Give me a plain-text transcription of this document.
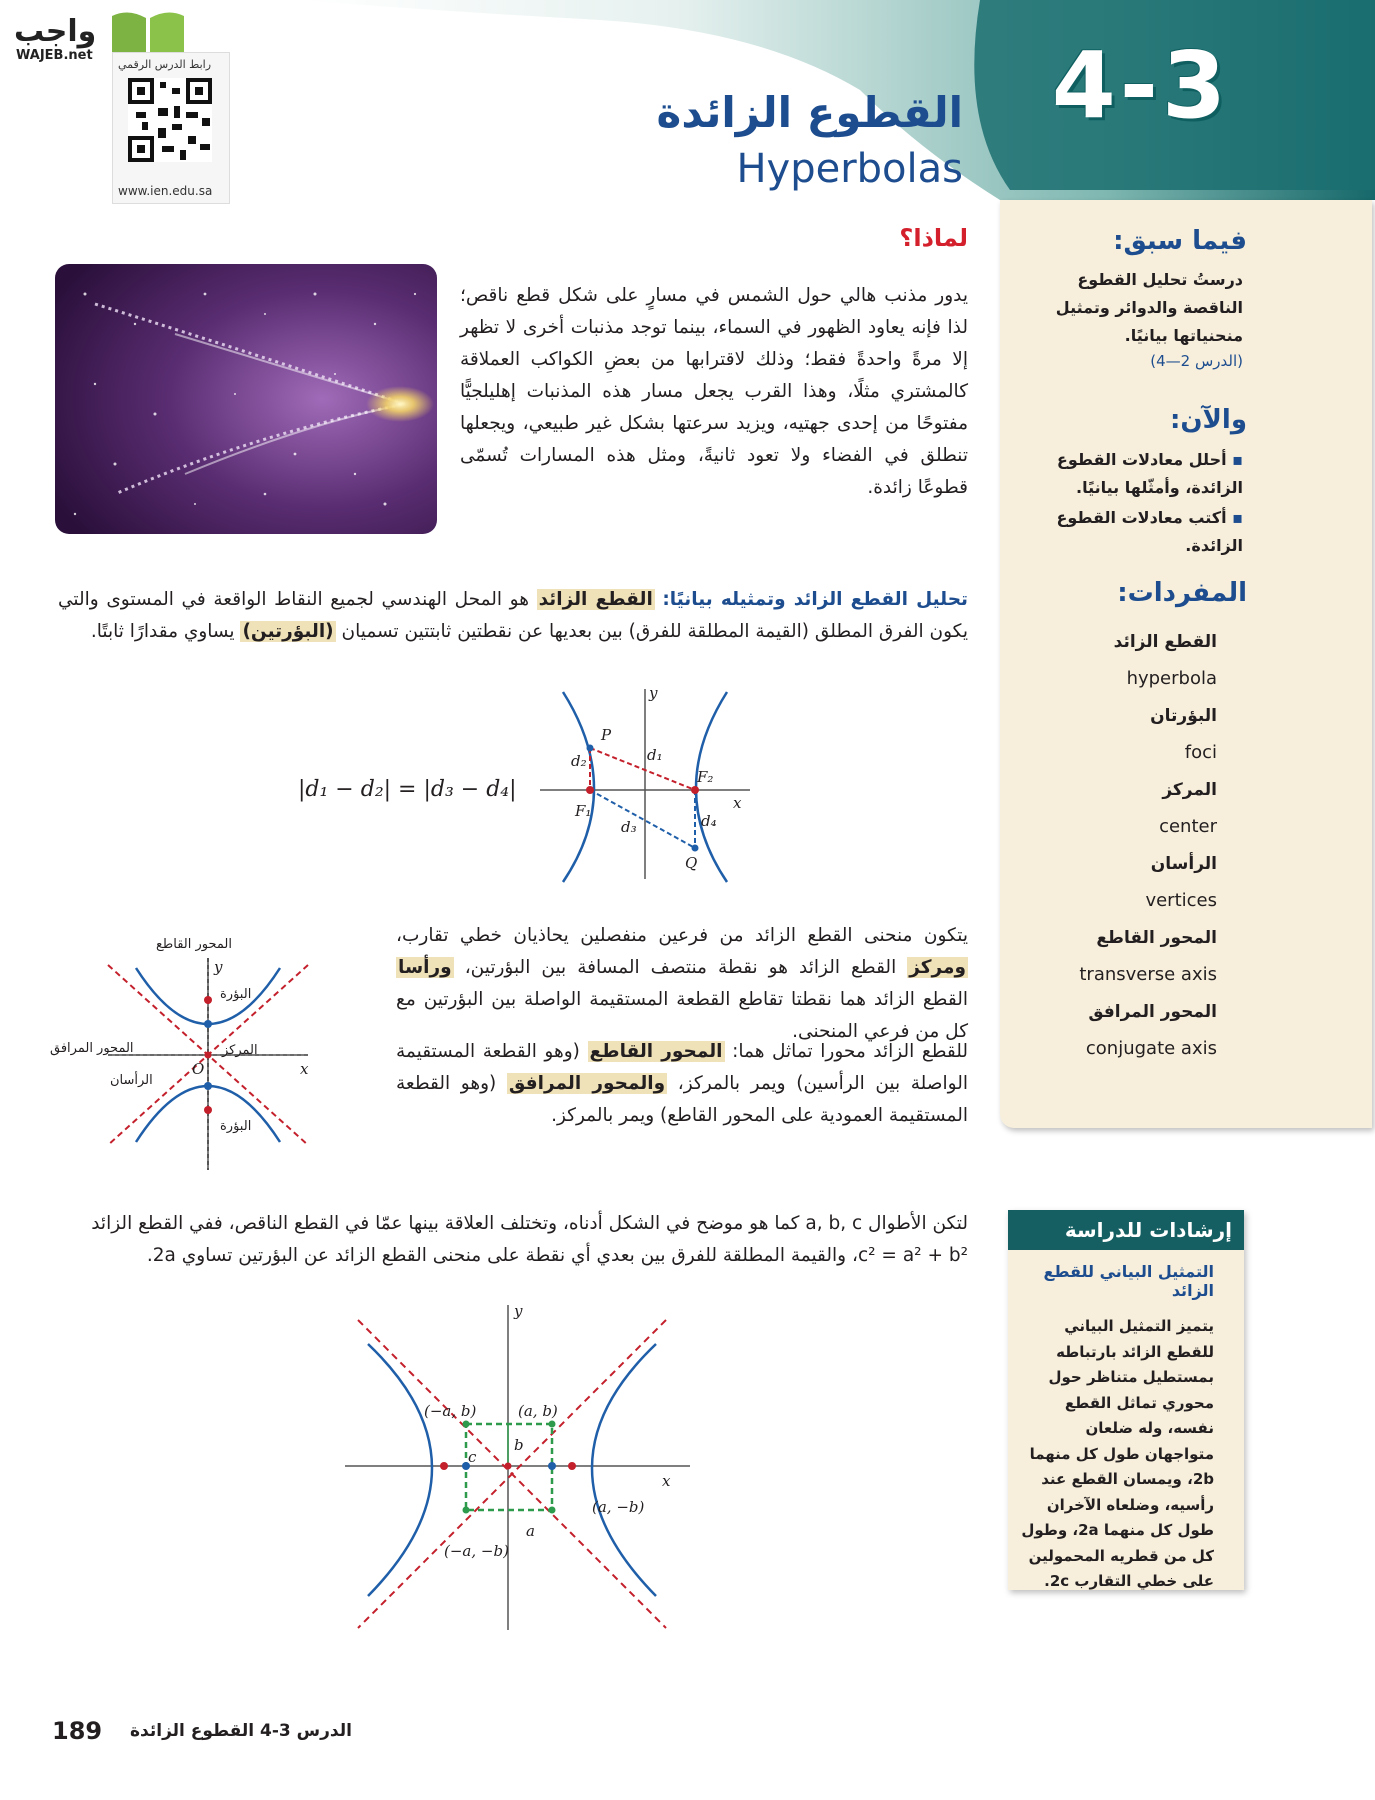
4-3
القطوع الزائدة
Hyperbolas
واجب
WAJEB.net
رابط الدرس الرقمي
www.ien.edu.sa
فيما سبق:
درستُ تحليل القطوع الناقصة والدوائر وتمثيل منحنياتها بيانيًا.
(الدرس 2—4)
والآن:
▪ أحلل معادلات القطوع الزائدة، وأمثّلها بيانيًا.
▪ أكتب معادلات القطوع الزائدة.
المفردات:
القطع الزائد
hyperbola
البؤرتان
foci
المركز
center
الرأسان
vertices
المحور القاطع
transverse axis
المحور المرافق
conjugate axis
لماذا؟
يدور مذنب هالي حول الشمس في مسارٍ على شكل قطع ناقص؛ لذا فإنه يعاود الظهور في السماء، بينما توجد مذنبات أخرى لا تظهر إلا مرةً واحدةً فقط؛ وذلك لاقترابها من بعضِ الكواكب العملاقة كالمشتري مثلًا، وهذا القرب يجعل مسار هذه المذنبات إهليلجيًّا مفتوحًا من إحدى جهتيه، ويزيد سرعتها بشكل غير طبيعي، ويجعلها تنطلق في الفضاء ولا تعود ثانيةً، ومثل هذه المسارات تُسمّى قطوعًا زائدة.
تحليل القطع الزائد وتمثيله بيانيًا: القطع الزائد هو المحل الهندسي لجميع النقاط الواقعة في المستوى والتي يكون الفرق المطلق (القيمة المطلقة للفرق) بين بعديها عن نقطتين ثابتتين تسميان (البؤرتين) يساوي مقدارًا ثابتًا.
|d₁ − d₂| = |d₃ − d₄|
P
Q
F₁
F₂
d₁
d₂
d₃	d₄
x
y
يتكون منحنى القطع الزائد من فرعين منفصلين يحاذيان خطي تقارب، ومركز القطع الزائد هو نقطة منتصف المسافة بين البؤرتين، ورأسا القطع الزائد هما نقطتا تقاطع القطعة المستقيمة الواصلة بين البؤرتين مع كل من فرعي المنحنى.
للقطع الزائد محورا تماثل هما: المحور القاطع (وهو القطعة المستقيمة الواصلة بين الرأسين) ويمر بالمركز، والمحور المرافق (وهو القطعة المستقيمة العمودية على المحور القاطع) ويمر بالمركز.
المحور القاطع
المحور المرافق
البؤرة
البؤرة
المركز
الرأسان
O	x
y
لتكن الأطوال a, b, c كما هو موضح في الشكل أدناه، وتختلف العلاقة بينها عمّا في القطع الناقص، ففي القطع الزائد
c² = a² + b²، والقيمة المطلقة للفرق بين بعدي أي نقطة على منحنى القطع الزائد عن البؤرتين تساوي 2a.
(−a, b)	(a, b)
(a, −b)
(−a, −b)
a
b
c
x
y
إرشادات للدراسة
التمثيل البياني للقطع الزائد
يتميز التمثيل البياني للقطع الزائد بارتباطه بمستطيل متناظر حول محوري تماثل القطع نفسه، وله ضلعان متواجهان طول كل منهما 2b، ويمسان القطع عند رأسيه، وضلعاه الآخران طول كل منهما 2a، وطول كل من قطريه المحمولين على خطي التقارب 2c.
189 الدرس 3-4 القطوع الزائدة
